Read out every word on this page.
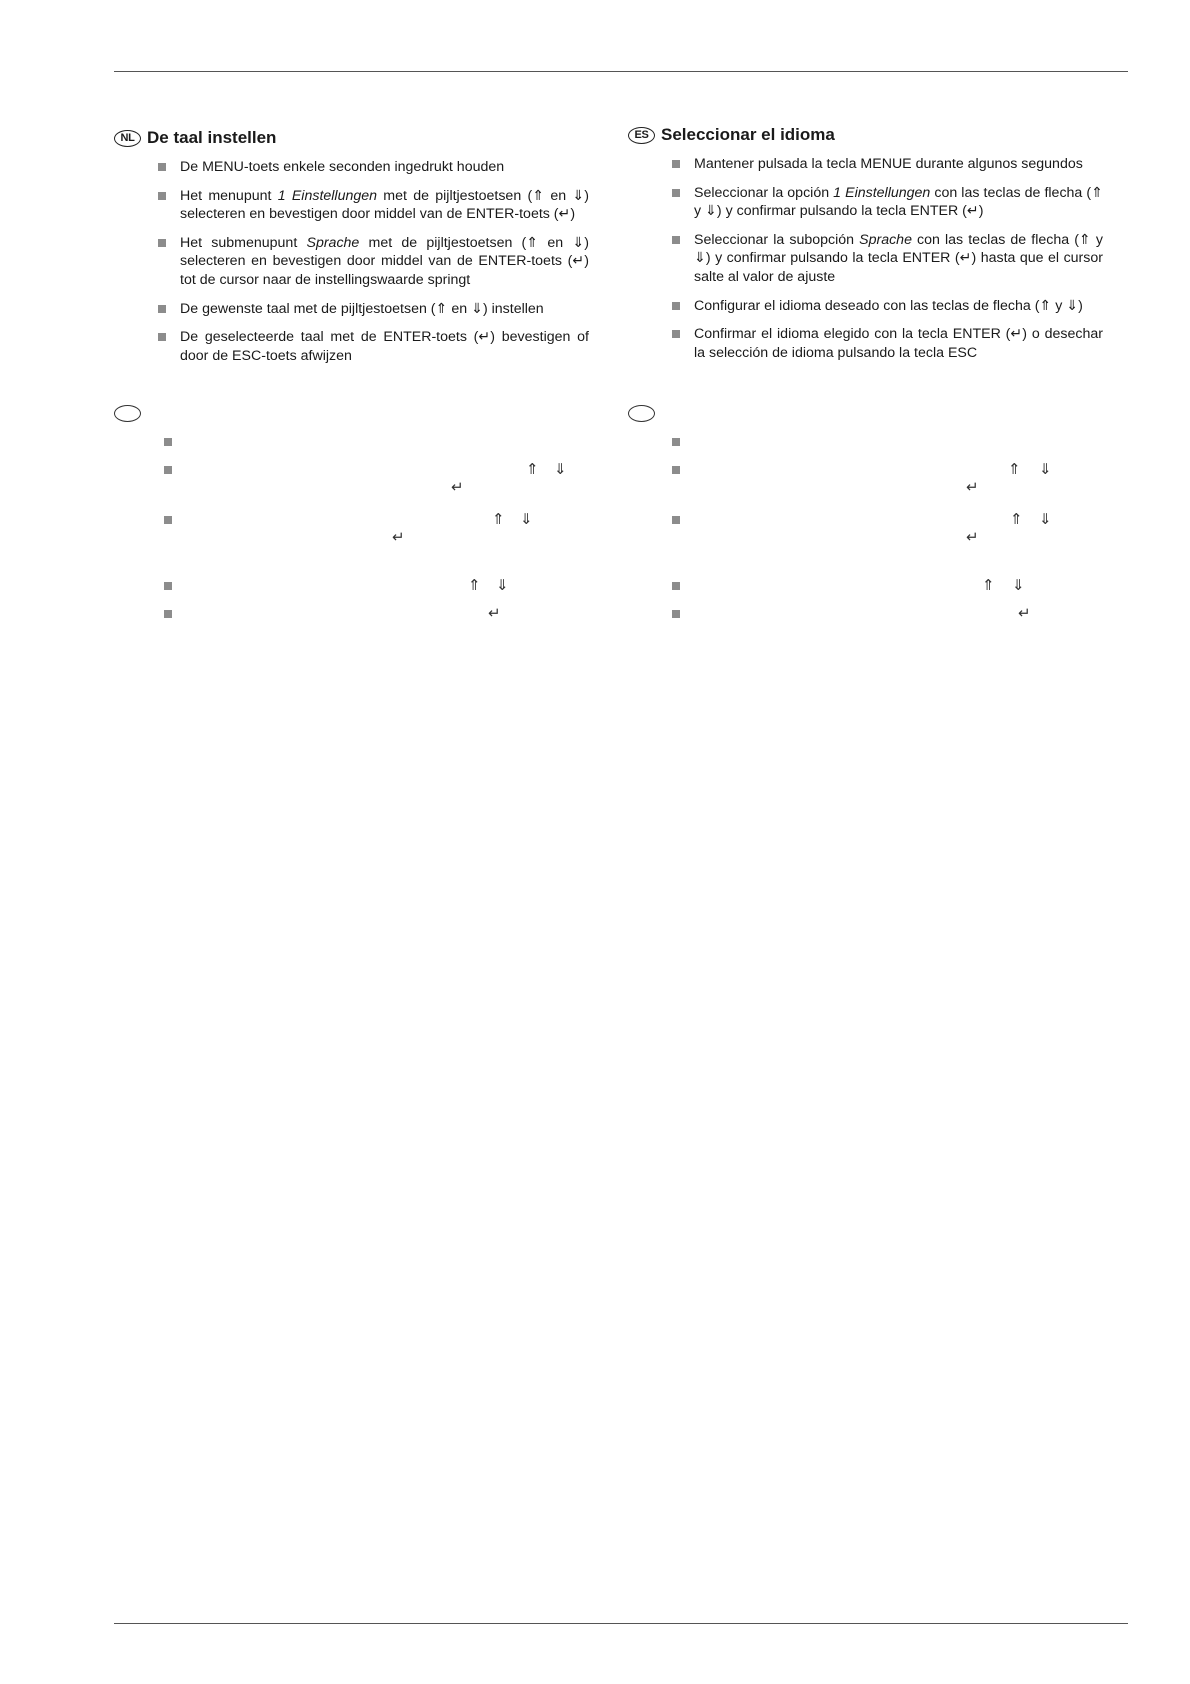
NL De taal instellen
De MENU-toets enkele seconden ingedrukt houden
Het menupunt 1 Einstellungen met de pijltjestoetsen (⇑ en ⇓) selecteren en bevestigen door middel van de ENTER-toets (↵)
Het submenupunt Sprache met de pijltjestoetsen (⇑ en ⇓) selecteren en bevestigen door middel van de ENTER-toets (↵) tot de cursor naar de instellingswaarde springt
De gewenste taal met de pijltjestoetsen (⇑ en ⇓) instellen
De geselecteerde taal met de ENTER-toets (↵) bevestigen of door de ESC-toets afwijzen
ES Seleccionar el idioma
Mantener pulsada la tecla MENUE durante algunos segundos
Seleccionar la opción 1 Einstellungen con las teclas de flecha (⇑ y ⇓) y confirmar pulsando la tecla ENTER (↵)
Seleccionar la subopción Sprache con las teclas de flecha (⇑ y ⇓) y confirmar pulsando la tecla ENTER (↵) hasta que el cursor salte al valor de ajuste
Configurar el idioma deseado con las teclas de flecha (⇑ y ⇓)
Confirmar el idioma elegido con la tecla ENTER (↵) o desechar la selección de idioma pulsando la tecla ESC
⇑ ⇓
↵
⇑ ⇓
↵
⇑ ⇓
↵
⇑ ⇓
↵
⇑ ⇓
↵
⇑ ⇓
↵
